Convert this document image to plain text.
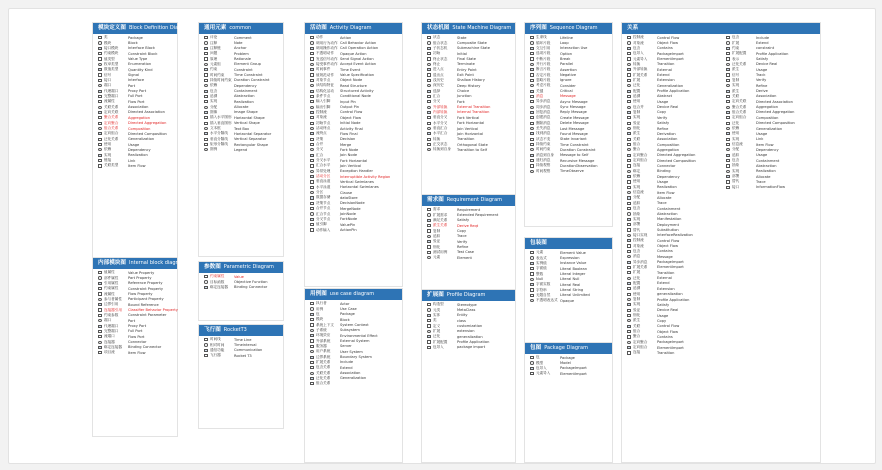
模块定义图 Block Definition Diagram
类	Package
模块	Block
接口模块	Interface Block
约束模块	Constraint Block
值类型	Value Type
枚举类型	Enumeration
数值类型	Quantity Kind
信号	Signal
接口	Interface
端口	Port
代理端口	Proxy Port
完整端口	Full Port
流属性	Flow Port
关联关系	Association
定向关联	Directed Association
聚合关系	Aggregation
定向聚合	Directed Aggregation
组合关系	Composition
定向组合	Directed Composition
泛化关系	Generalization
使用	Usage
依赖	Dependency
实现	Realization
链接	Link
关联类型	Item Flow
内部模块图 Internal block diagram
值属性	Value Property
部件属性	Part Property
引用属性	Reference Property
约束属性	Constraint Property
流属性	Flow Property
参与者属性	Participant Property
边界引用	Bound Reference
连接器引用	Classifier Behavior Property
约束参数	Constraint Parameter
端口	Port
代理端口	Proxy Port
完整端口	Full Port
流端口	Flow Port
连接器	Connector
绑定连接器	Binding Connector
项目流	Item Flow
通用元素 common
评论	Comment
注释	Note
注释链	Anchor
问题	Problem
原理	Rationale
元素组	Element Group
约束	Constraint
时间约束	Time Constraint
持续时间约束 Duration Constraint
依赖	Dependency
包含	Containment
追溯	Abstraction
实现	Realization
分配	Allocate
图像	Image Shape
插入水平图形 Horizontal Shape
插入垂直图形 Vertical Shape
文本框	Text Box
水平分隔线	Horizontal Separator
垂直分隔线	Vertical Separator
矩形分隔线	Rectangular Shape
图例	Legend
参数图 Parametric Diagram
约束属性	Value
目标函数	Objective Function
绑定连接器	Binding Connector
飞行图 RocketT3
时间线	Time Line
相对时间	Timeinterval
通信功能	Communication
飞行器	Rocket T3
活动图 Activity Diagram
动作	Action
调用行为动作 Call Behavior Action
调用操作动作 Call Operation Action
不透明动作	Opaque Action
发送信号动作 Send Signal Action
接受事件动作 Accept Event Action
时间事件	Time Event
值规范动作	Value Specification
对象节点	Object Node
读结构特征	Read Structure
结构化活动	Structured Activity
条件节点	Conditional Node
输入引脚	Input Pin
输出引脚	Output Pin
控制流	Control Flow
对象流	Object Flow
初始节点	Initial Node
活动终点	Activity Final
流终点	Flow Final
决策	Decision
合并	Merge
分叉	Fork Node
汇合	Join Node
分叉水平	Fork Horizontal
汇合水平	Join Vertical
异常处理	Exception Handler
活动分区	Interruptible Activity Region
垂直泳道	Vertical Swimlanes
水平泳道	Horizontal Swimlanes
分区	Clause
数据存储	dataStore
决策节点	DecisionNode
合并节点	MergeNode
汇合节点	JoinNode
分叉节点	ForkNode
值引脚	ValuePin
动作输入	ActionPin
用例图 use case diagram
执行者	Actor
用例	Use Case
包	Package
模块	Block
系统上下文	System Context
子系统	Subsystem
环境效应	Environmental Effect
外部系统	External System
服务器	Server
用户系统	User System
边界系统	Boundary System
扩展关系	Include
包含关系	Extend
关联关系	Association
泛化关系	Generalization
组合关系
状态机图 State Machine Diagram
状态	State
组合状态	Composite State
子状态机	Submachine State
初始	Initial
终止状态	Final State
终止	Terminate
进入点	Entry Point
退出点	Exit Point
浅历史	Shallow History
深历史	Deep History
选择	Choice
汇合	Junction
分叉	Fork
外部转换	External Transition
内部转换	Internal Transition
垂直分叉	Fork Vertical
水平分叉	Fork Horizontal
垂直汇合	Join Vertical
水平汇合	Join Horizontal
转换	Transition
正交状态	Orthogonal State
转换到自身	Transition to Self
需求图 Requirement Diagram
需求	Requirement
扩展需求	Extended Requirement
满足关系	Satisfy
派生关系	Derive Reqt
复制	Copy
追踪	Trace
验证	Verify
细化	Refine
测试用例	Test Case
元素	Element
扩展图 Profile Diagram
构造型	Stereotype
元类	MetaClass
实体	Entity
类	class
定义	customization
扩展	extension
泛化	generalization
扩展配置	Profile Application
包导入	package import
序列图 Sequence Diagram
生命线	Lifeline
循环片段	Loop
交互引用	Interaction Use
选项片段	Option
中断片段	Break
并行片段	Parallel
断言片段	Assertion
否定片段	Negative
忽略片段	Ignore
考虑片段	Consider
关键	Critical
消息	Message
异步消息	Async Message
同步消息	Sync Message
回复消息	Reply Message
创建消息	Create Message
删除消息	Delete Message
丢失消息	Lost Message
找到消息	Found Message
状态不变	State Invariant
持续约束	Time Constraint
时间约束	Duration Constraint
消息到自身	Message to Self
递归消息	Recursive Message
持续观察	DurationObservation
时间观察	TimeObserve
包装图
元素	Element Value
表达式	Expression
实例值	Instance Value
字面值	Literal Boolean
整数	Literal Integer
Null	Literal Null
字面实数	Literal Real
字符串	Literal String
无限自然	Literal Unlimited
不透明表达式 Opaque
包图 Package Diagram
包	Package
模型	Model
包导入	PackageImport
元素导入	ElementImport
关系
控制流	Control Flow
对象流	Object Flow
包含	Contains
包导入	PackageImport
元素导入	ElementImport
转换	Transition
外部转换	External
扩展关系	Extend
扩展	Extension
泛化	Generalization
配置	Profile Application
追溯	Abstract
使用	Usage
包合并	Device Real
复制	Copy
实现	Verify
验证	Satisfy
细化	Refine
派生	Derivation
关联	Association
组合	Composition
聚合	Aggregation
定向聚合	Directed Aggregation
定向组合	Directed Composition
连接	Connector
绑定	Binding
依赖	Dependency
使用	Usage
实现	Realization
信息流	Item Flow
分配	Allocate
追踪	Trace
包含	Containment
抽象	Abstraction
实现	Manifestation
部署	Deployment
替代	Substitution
接口实现	InterfaceRealization
控制流	Control Flow
对象流	Object Flow
包含	Contains
消息	Message
异步消息	PackageImport
扩展关系	ElementImport
扩展	Transition
泛化	External
配置	Extend
追溯	Extension
使用	generalization
复制	Profile Application
实现	Satisfy
验证	Device Real
细化	Usage
派生	Copy
关联	Control Flow
组合	Object Flow
聚合	Contains
定向聚合	PackageImport
定向组合	ElementImport
连接	Transition
包含	Include
扩展	Extend
约束	constraint
扩展配置	Profile Application
表示	Satisfy
泛化关系	Device Real
派生	Usage
信号	Track
复制	Verify
实现	Refine
派生	Derive
关联	Association
定向关联	Directed Association
聚合关系	Aggregation
组合关系	Directed Aggregation
定向组合	Composition
泛化	Directed Composition
依赖	Generalization
使用	Usage
实现	Link
信息流	Item Flow
分配	Dependency
追踪	Usage
包含	Containment
抽象	Abstraction
实现	Realization
部署	Allocate
替代	Trace
接口	InformationFlow
